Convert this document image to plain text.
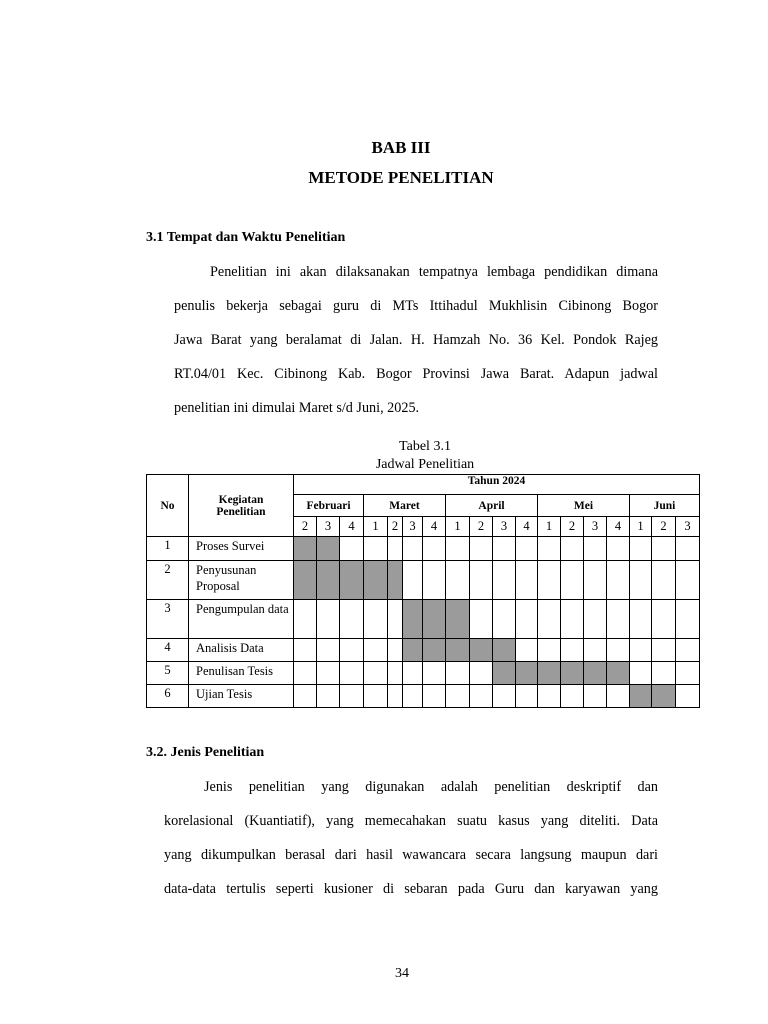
BAB III
METODE PENELITIAN
3.1 Tempat dan Waktu Penelitian
Penelitian ini akan dilaksanakan tempatnya lembaga pendidikan dimana
penulis bekerja sebagai guru di MTs Ittihadul Mukhlisin Cibinong Bogor
Jawa Barat yang beralamat di Jalan. H. Hamzah No. 36 Kel. Pondok Rajeg
RT.04/01 Kec. Cibinong Kab. Bogor Provinsi Jawa Barat. Adapun jadwal
penelitian ini dimulai Maret s/d Juni, 2025.
Tabel 3.1
Jadwal Penelitian
No	Kegiatan Penelitian	Tahun 2024																	
		Februari			Maret				April				Mei				Juni		
		2	3	4	1	2	3	4	1	2	3	4	1	2	3	4	1	2	3
1	Proses Survei																		
2	Penyusunan Proposal																		
3	Pengumpulan data																		
4	Analisis Data																		
5	Penulisan Tesis																		
6	Ujian Tesis																		
3.2. Jenis Penelitian
Jenis penelitian yang digunakan adalah penelitian deskriptif dan
korelasional (Kuantiatif), yang memecahakan suatu kasus yang diteliti. Data
yang dikumpulkan berasal dari hasil wawancara secara langsung maupun dari
data-data tertulis seperti kusioner di sebaran pada Guru dan karyawan yang
34
